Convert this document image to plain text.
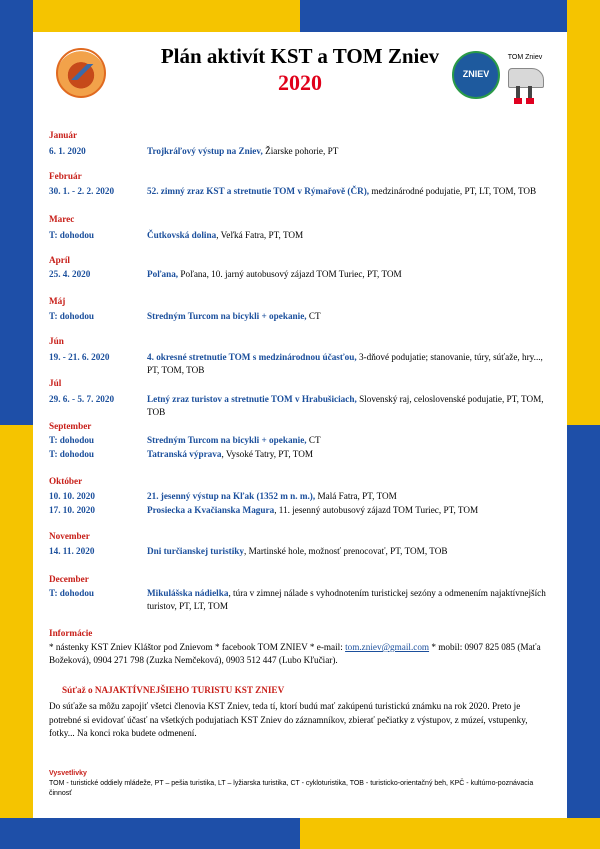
ZNIEV
TOM Zniev
Plán aktivít KST a TOM Zniev
2020
Január
6. 1. 2020	Trojkráľový výstup na Zniev, Žiarske pohorie, PT
Február
30. 1. - 2. 2. 2020	52. zimný zraz KST a stretnutie TOM v Rýmařově (ČR), medzinárodné podujatie, PT, LT, TOM, TOB
Marec
T: dohodou	Čutkovská dolina, Veľká Fatra, PT, TOM
Apríl
25. 4. 2020	Poľana, Poľana, 10. jarný autobusový zájazd TOM Turiec, PT, TOM
Máj
T: dohodou	Stredným Turcom na bicykli + opekanie, CT
Jún
19. - 21. 6. 2020	4. okresné stretnutie TOM s medzinárodnou účasťou, 3-dňové podujatie; stanovanie, túry, súťaže, hry..., PT, TOM, TOB
Júl
29. 6. - 5. 7. 2020	Letný zraz turistov a stretnutie TOM v Hrabušiciach, Slovenský raj, celoslovenské podujatie, PT, TOM, TOB
September
T: dohodou	Stredným Turcom na bicykli + opekanie, CT
T: dohodou	Tatranská výprava, Vysoké Tatry, PT, TOM
Október
10. 10. 2020	21. jesenný výstup na Kľak (1352 m n. m.), Malá Fatra, PT, TOM
17. 10. 2020	Prosiecka a Kvačianska Magura, 11. jesenný autobusový zájazd TOM Turiec, PT, TOM
November
14. 11. 2020	Dni turčianskej turistiky, Martinské hole, možnosť prenocovať, PT, TOM, TOB
December
T: dohodou	Mikulášska nádielka, túra v zimnej nálade s vyhodnotením turistickej sezóny a odmenením najaktívnejších turistov, PT, LT, TOM
Informácie
* nástenky KST Zniev Kláštor pod Znievom * facebook TOM ZNIEV * e-mail: tom.zniev@gmail.com * mobil: 0907 825 085 (Maťa Božeková), 0904 271 798 (Zuzka Nemčeková), 0903 512 447 (Lubo Kľučiar).
Súťaž o NAJAKTÍVNEJŠIEHO TURISTU KST ZNIEV
Do súťaže sa môžu zapojiť všetci členovia KST Zniev, teda tí, ktorí budú mať zakúpenú turistickú známku na rok 2020. Preto je potrebné si evidovať účasť na všetkých podujatiach KST Zniev do záznamníkov, zbierať pečiatky z výstupov, z múzeí, vstupenky, fotky... Na konci roka budete odmenení.
Vysvetlivky
TOM - turistické oddiely mládeže, PT – pešia turistika, LT – lyžiarska turistika, CT - cykloturistika, TOB - turisticko-orientačný beh, KPČ - kultúrno-poznávacia činnosť
